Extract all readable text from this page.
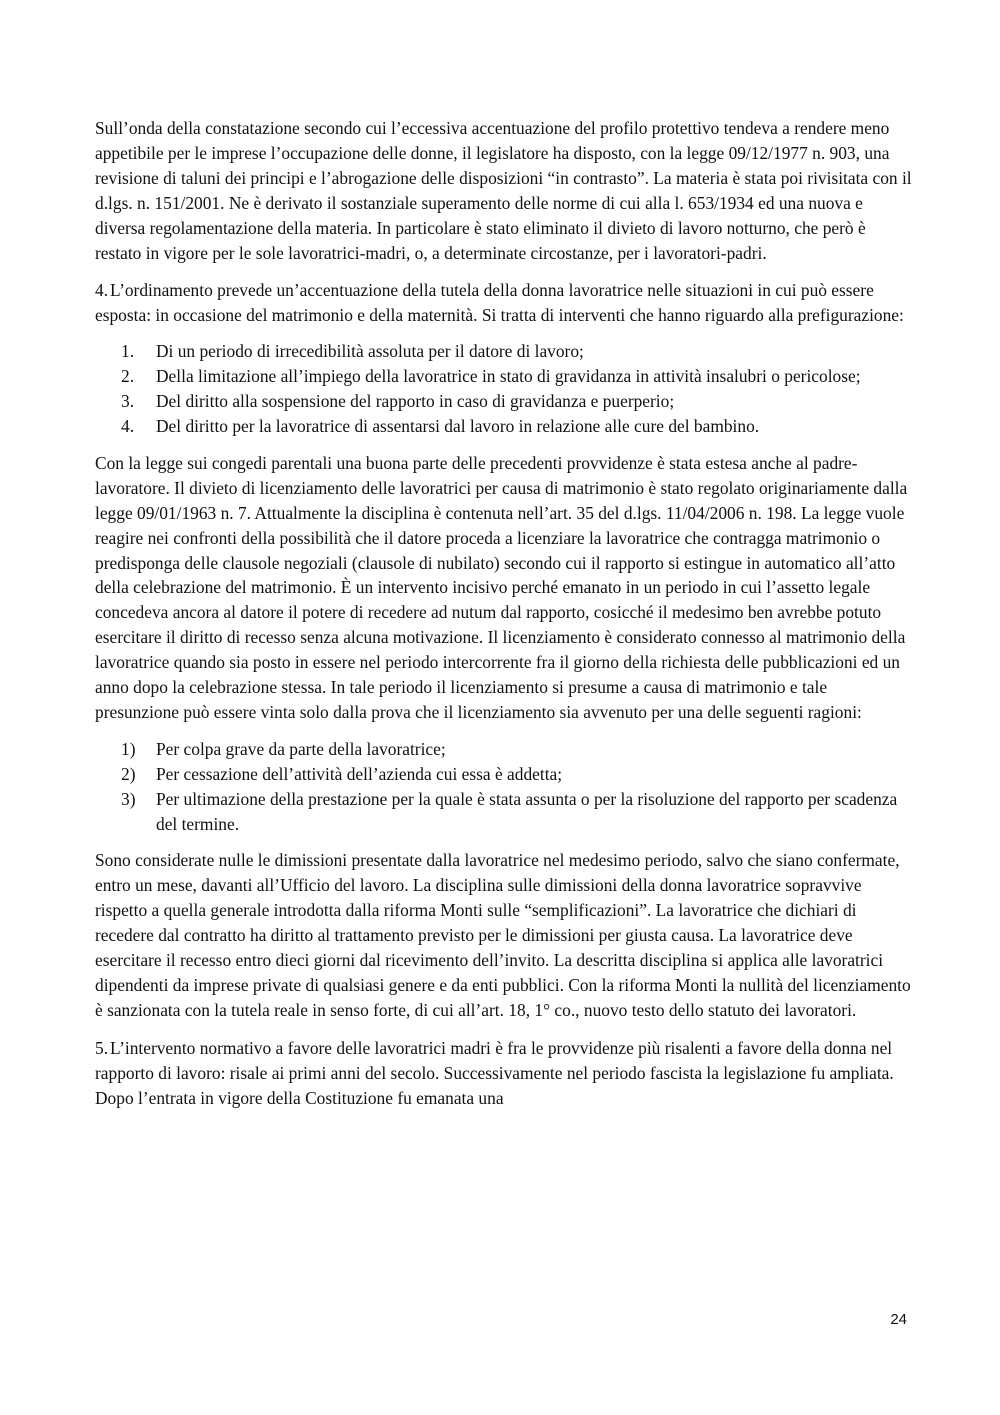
Sull’onda della constatazione secondo cui l’eccessiva accentuazione del profilo protettivo tendeva a rendere meno appetibile per le imprese l’occupazione delle donne, il legislatore ha disposto, con la legge 09/12/1977 n. 903, una revisione di taluni dei principi e l’abrogazione delle disposizioni “in contrasto”. La materia è stata poi rivisitata con il d.lgs. n. 151/2001. Ne è derivato il sostanziale superamento delle norme di cui alla l. 653/1934 ed una nuova e diversa regolamentazione della materia. In particolare è stato eliminato il divieto di lavoro notturno, che però è restato in vigore per le sole lavoratrici-madri, o, a determinate circostanze, per i lavoratori-padri.

4. L’ordinamento prevede un’accentuazione della tutela della donna lavoratrice nelle situazioni in cui può essere esposta: in occasione del matrimonio e della maternità. Si tratta di interventi che hanno riguardo alla prefigurazione:

1. Di un periodo di irrecedibilità assoluta per il datore di lavoro;
2. Della limitazione all’impiego della lavoratrice in stato di gravidanza in attività insalubri o pericolose;
3. Del diritto alla sospensione del rapporto in caso di gravidanza e puerperio;
4. Del diritto per la lavoratrice di assentarsi dal lavoro in relazione alle cure del bambino.

Con la legge sui congedi parentali una buona parte delle precedenti provvidenze è stata estesa anche al padre-lavoratore. Il divieto di licenziamento delle lavoratrici per causa di matrimonio è stato regolato originariamente dalla legge 09/01/1963 n. 7. Attualmente la disciplina è contenuta nell’art. 35 del d.lgs. 11/04/2006 n. 198. La legge vuole reagire nei confronti della possibilità che il datore proceda a licenziare la lavoratrice che contragga matrimonio o predisponga delle clausole negoziali (clausole di nubilato) secondo cui il rapporto si estingue in automatico all’atto della celebrazione del matrimonio. È un intervento incisivo perché emanato in un periodo in cui l’assetto legale concedeva ancora al datore il potere di recedere ad nutum dal rapporto, cosicché il medesimo ben avrebbe potuto esercitare il diritto di recesso senza alcuna motivazione. Il licenziamento è considerato connesso al matrimonio della lavoratrice quando sia posto in essere nel periodo intercorrente fra il giorno della richiesta delle pubblicazioni ed un anno dopo la celebrazione stessa. In tale periodo il licenziamento si presume a causa di matrimonio e tale presunzione può essere vinta solo dalla prova che il licenziamento sia avvenuto per una delle seguenti ragioni:

1) Per colpa grave da parte della lavoratrice;
2) Per cessazione dell’attività dell’azienda cui essa è addetta;
3) Per ultimazione della prestazione per la quale è stata assunta o per la risoluzione del rapporto per scadenza del termine.

Sono considerate nulle le dimissioni presentate dalla lavoratrice nel medesimo periodo, salvo che siano confermate, entro un mese, davanti all’Ufficio del lavoro. La disciplina sulle dimissioni della donna lavoratrice sopravvive rispetto a quella generale introdotta dalla riforma Monti sulle “semplificazioni”. La lavoratrice che dichiari di recedere dal contratto ha diritto al trattamento previsto per le dimissioni per giusta causa. La lavoratrice deve esercitare il recesso entro dieci giorni dal ricevimento dell’invito. La descritta disciplina si applica alle lavoratrici dipendenti da imprese private di qualsiasi genere e da enti pubblici. Con la riforma Monti la nullità del licenziamento è sanzionata con la tutela reale in senso forte, di cui all’art. 18, 1° co., nuovo testo dello statuto dei lavoratori.

5. L’intervento normativo a favore delle lavoratrici madri è fra le provvidenze più risalenti a favore della donna nel rapporto di lavoro: risale ai primi anni del secolo. Successivamente nel periodo fascista la legislazione fu ampliata. Dopo l’entrata in vigore della Costituzione fu emanata una

24
